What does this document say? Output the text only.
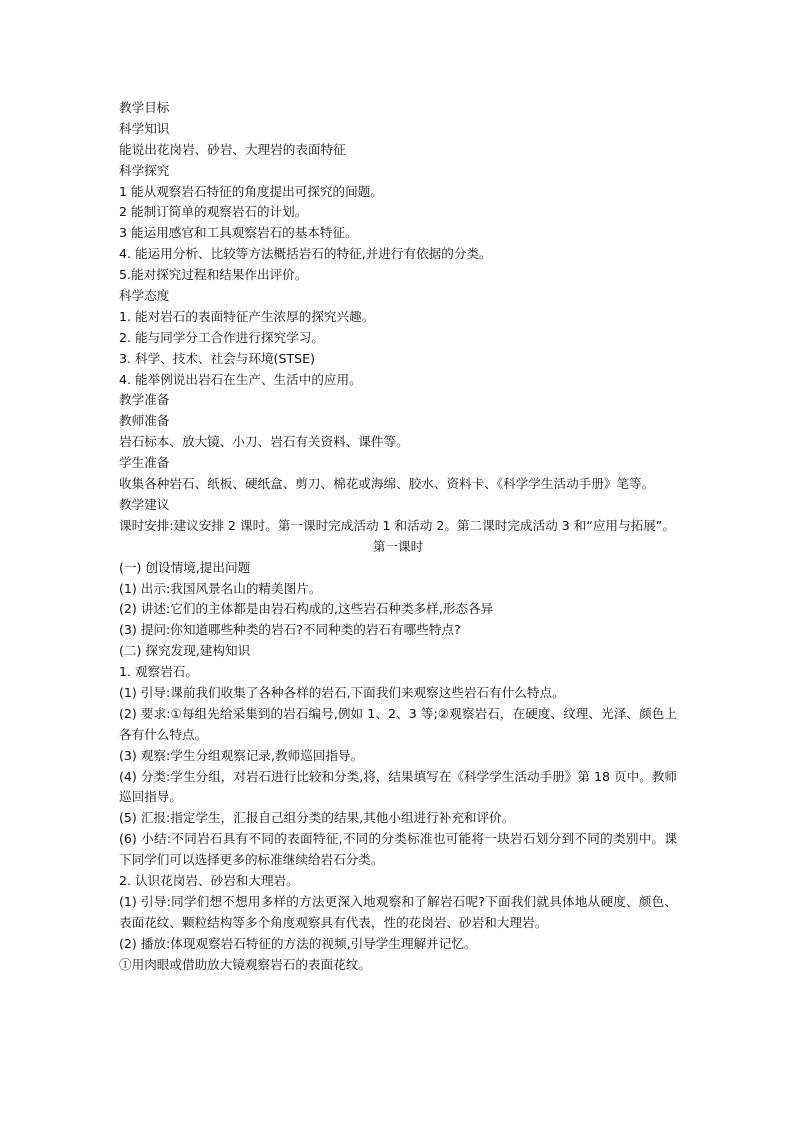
教学目标
科学知识
能说出花岗岩、砂岩、大理岩的表面特征
科学探究
1 能从观察岩石特征的角度提出可探究的间题。
2 能制订简单的观察岩石的计划。
3 能运用感官和工具观察岩石的基本特征。
4. 能运用分析、比较等方法概括岩石的特征,并进行有依据的分类。
5.能对探究过程和结果作出评价。
科学态度
1. 能对岩石的表面特征产生浓厚的探究兴趣。
2. 能与同学分工合作进行探究学习。
3. 科学、技术、社会与环境(STSE)
4. 能举例说出岩石在生产、生活中的应用。
教学准备
教师准备
岩石标本、放大镜、小刀、岩石有关资料、课件等。
学生准备
收集各种岩石、纸板、硬纸盒、剪刀、棉花或海绵、胶水、资料卡、《科学学生活动手册》笔等。
教学建议
课时安排:建议安排 2 课时。第一课时完成活动 1 和活动 2。第二课时完成活动 3 和“应用与拓展”。
第一课时
(一) 创设情境,提出问题
(1) 出示:我国风景名山的精美图片。
(2) 讲述:它们的主体都是由岩石构成的,这些岩石种类多样,形态各异
(3) 提问:你知道哪些种类的岩石?不同种类的岩石有哪些特点?
(二) 探究发现,建构知识
1. 观察岩石。
(1) 引导:课前我们收集了各种各样的岩石,下面我们来观察这些岩石有什么特点。
(2) 要求:①每组先给采集到的岩石编号,例如 1、2、3 等;②观察岩石，在硬度、纹理、光泽、颜色上各有什么特点。
(3) 观察:学生分组观察记录,教师巡回指导。
(4) 分类:学生分组，对岩石进行比较和分类,将，结果填写在《科学学生活动手册》第 18 页中。教师巡回指导。
(5) 汇报:指定学生，汇报自己组分类的结果,其他小组进行补充和评价。
(6) 小结:不同岩石具有不同的表面特征,不同的分类标准也可能将一块岩石划分到不同的类别中。课下同学们可以选择更多的标准继续给岩石分类。
2. 认识花岗岩、砂岩和大理岩。
(1) 引导:同学们想不想用多样的方法更深入地观察和了解岩石呢?下面我们就具体地从硬度、颜色、表面花纹、颗粒结构等多个角度观察具有代表，性的花岗岩、砂岩和大理岩。
(2) 播放:体现观察岩石特征的方法的视频,引导学生理解并记忆。
①用肉眼或借助放大镜观察岩石的表面花纹。
